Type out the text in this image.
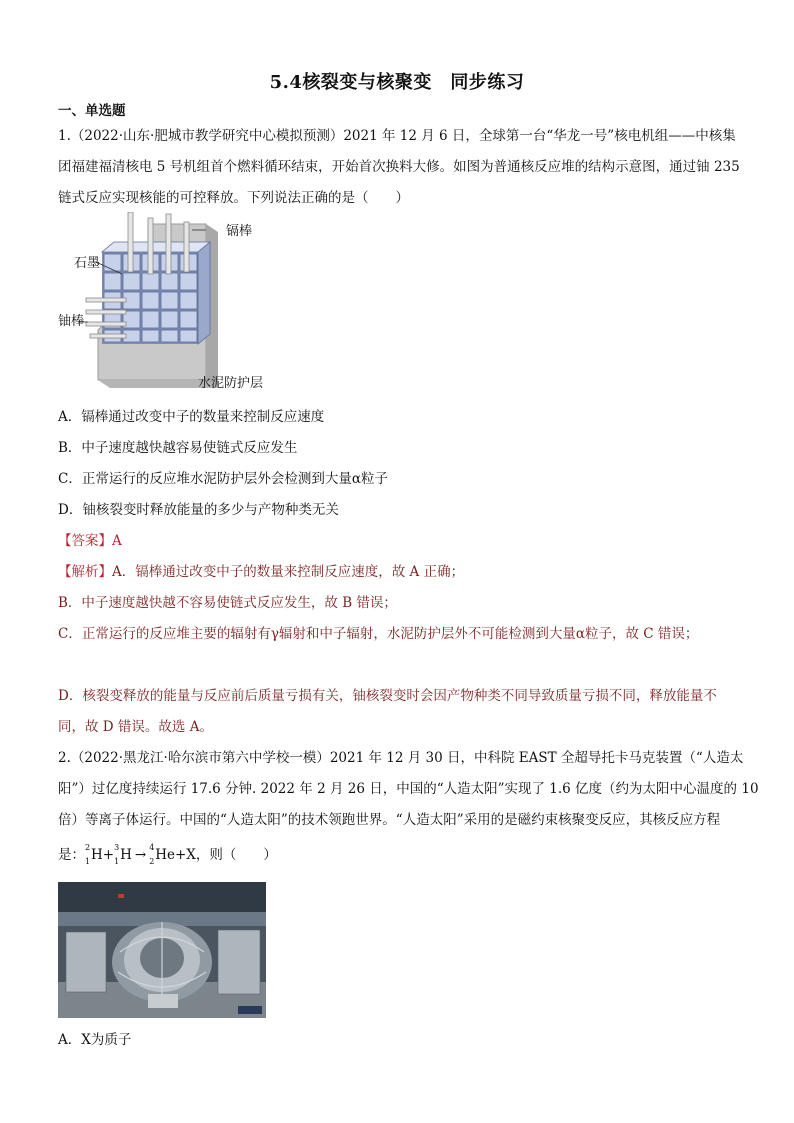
5.4核裂变与核聚变　同步练习
一、单选题
1.（2022·山东·肥城市教学研究中心模拟预测）2021 年 12 月 6 日，全球第一台“华龙一号”核电机组——中核集
团福建福清核电 5 号机组首个燃料循环结束，开始首次换料大修。如图为普通核反应堆的结构示意图，通过铀 235
链式反应实现核能的可控释放。下列说法正确的是（　　）
镉棒
石墨
铀棒
水泥防护层
A．镉棒通过改变中子的数量来控制反应速度
B．中子速度越快越容易使链式反应发生
C．正常运行的反应堆水泥防护层外会检测到大量α粒子
D．铀核裂变时释放能量的多少与产物种类无关
【答案】A
【解析】A．镉棒通过改变中子的数量来控制反应速度，故 A 正确；
B．中子速度越快越不容易使链式反应发生，故 B 错误；
C．正常运行的反应堆主要的辐射有γ辐射和中子辐射，水泥防护层外不可能检测到大量α粒子，故 C 错误；
D．核裂变释放的能量与反应前后质量亏损有关，铀核裂变时会因产物种类不同导致质量亏损不同，释放能量不
同，故 D 错误。故选 A。
2.（2022·黑龙江·哈尔滨市第六中学校一模）2021 年 12 月 30 日，中科院 EAST 全超导托卡马克装置（“人造太
阳”）过亿度持续运行 17.6 分钟. 2022 年 2 月 26 日，中国的“人造太阳”实现了 1.6 亿度（约为太阳中心温度的 10
倍）等离子体运行。中国的“人造太阳”的技术领跑世界。“人造太阳”采用的是磁约束核聚变反应，其核反应方程
是： 2
1 H+ 3
1 H → 4
2 He+X，则（　　）
A．X为质子
